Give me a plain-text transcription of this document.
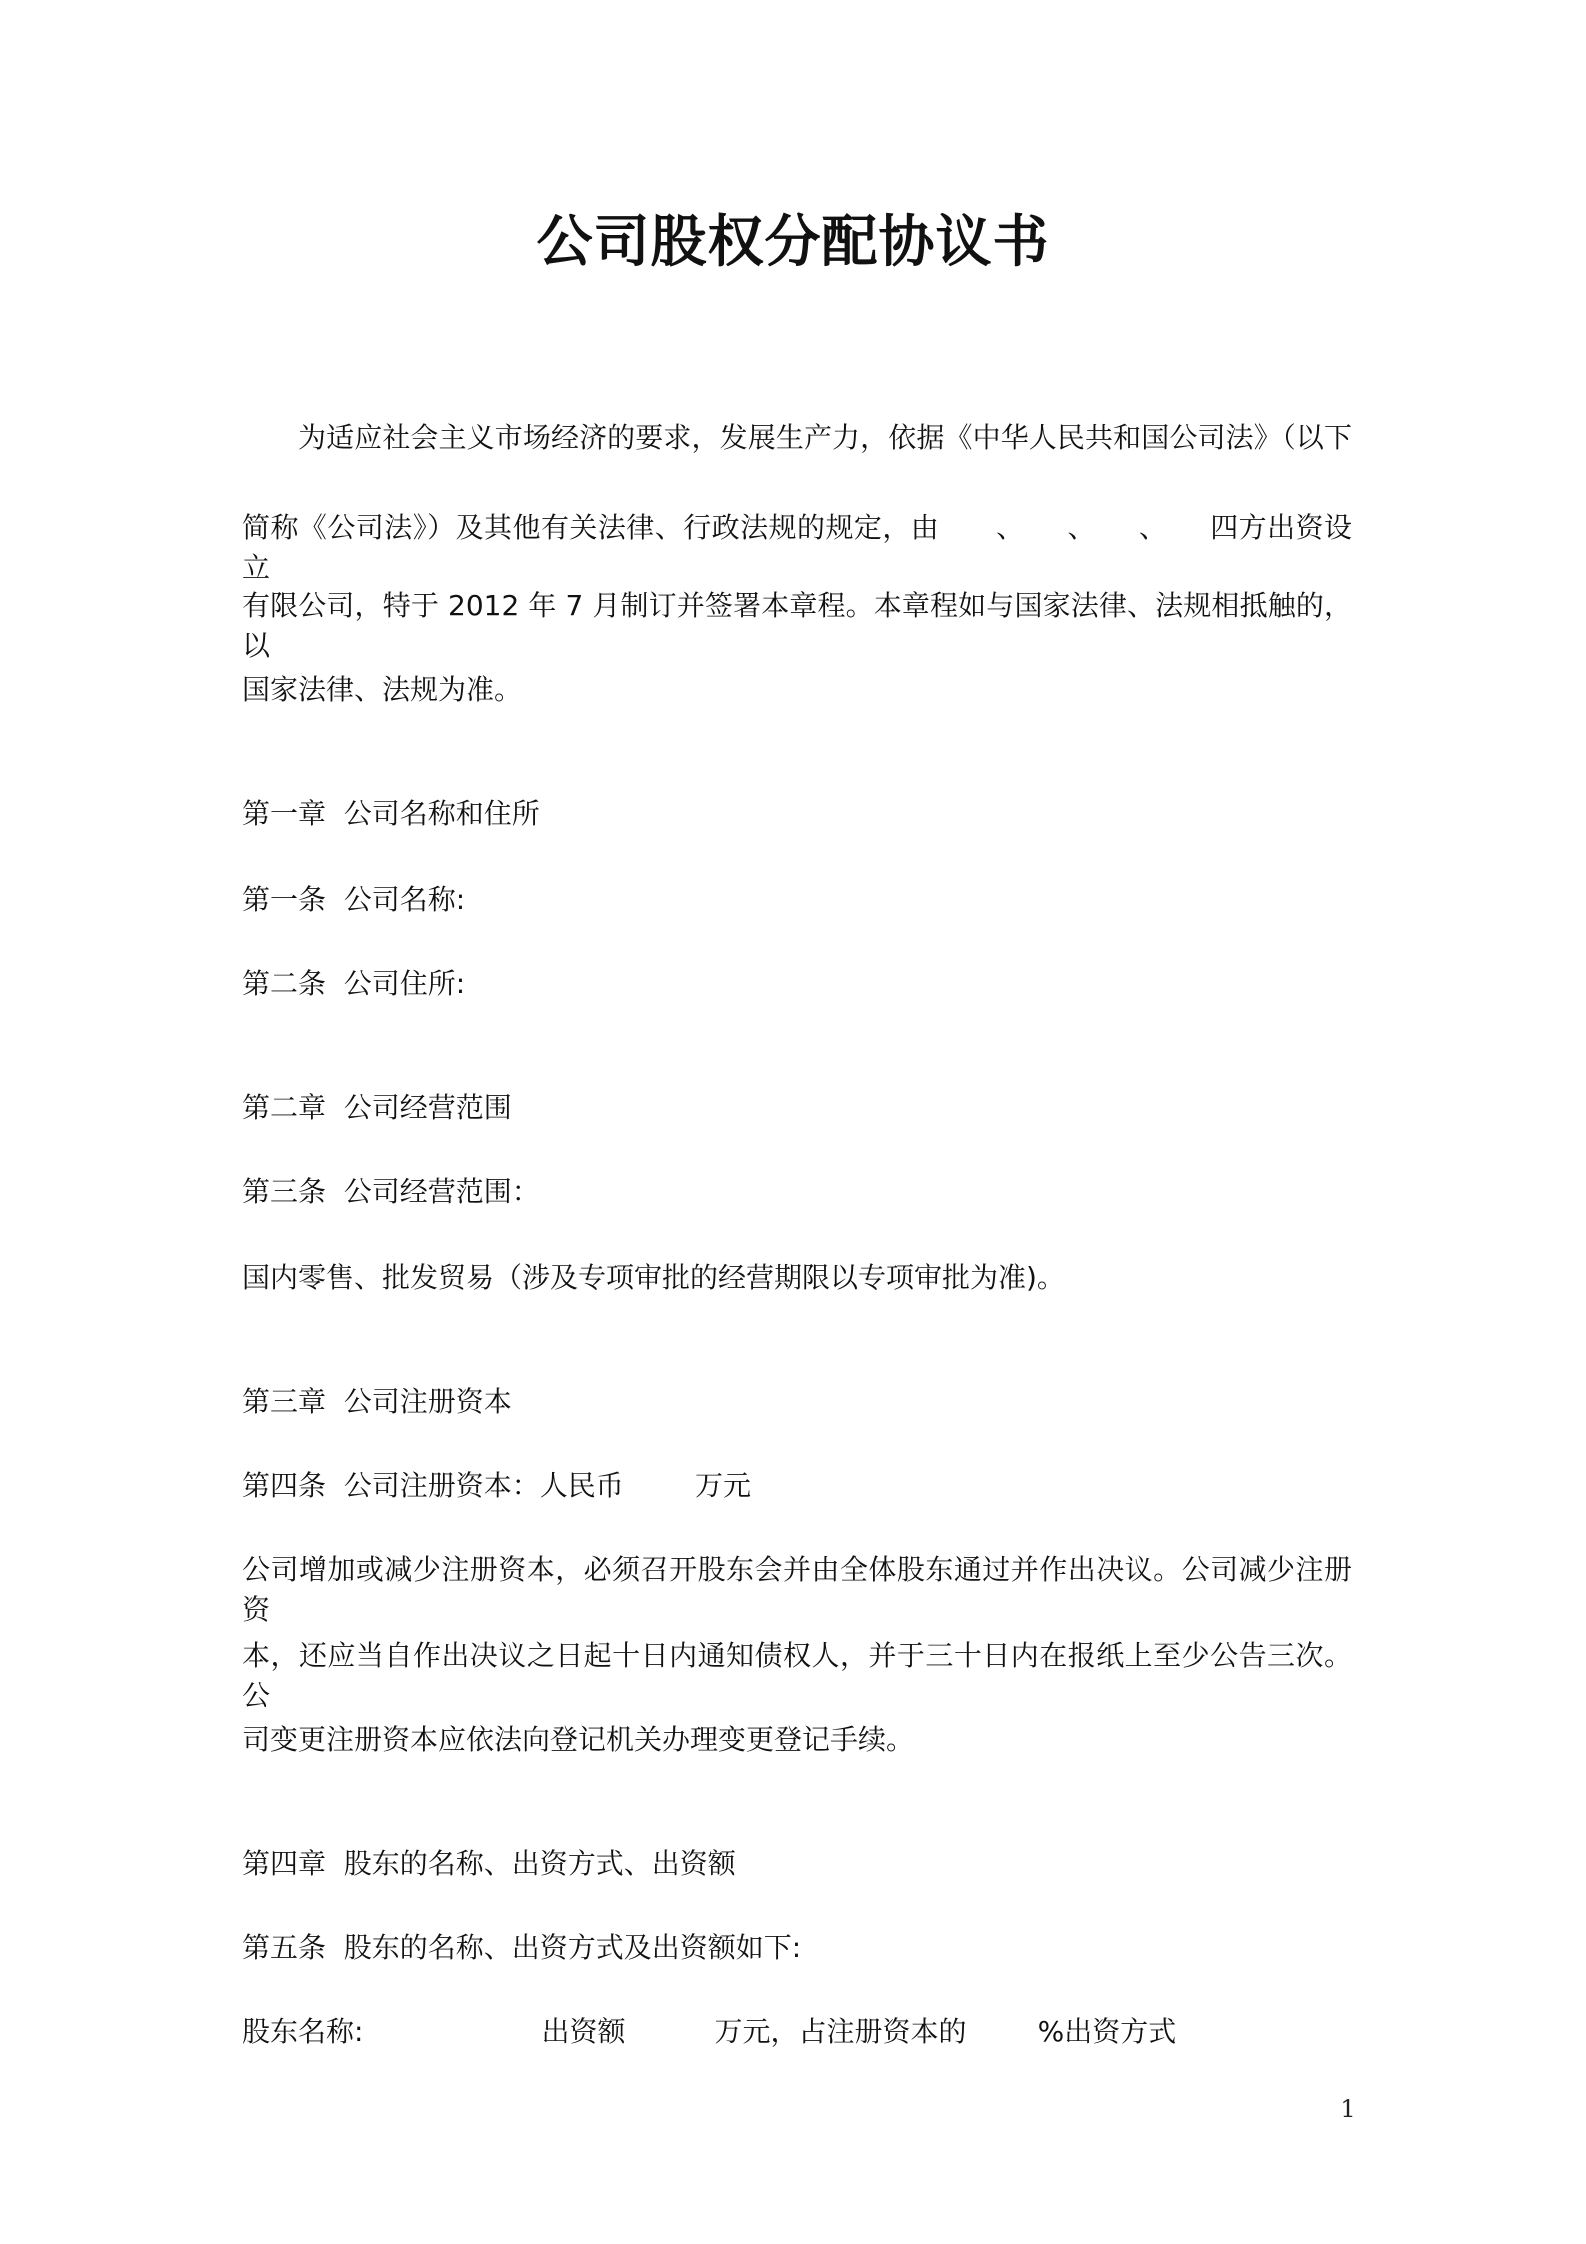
公司股权分配协议书

为适应社会主义市场经济的要求，发展生产力，依据《中华人民共和国公司法》（以下

简称《公司法》）及其他有关法律、行政法规的规定，由　　、　　、　　、　　四方出资设立

有限公司，特于 2012 年 7 月制订并签署本章程。本章程如与国家法律、法规相抵触的，以

国家法律、法规为准。

第一章  公司名称和住所

第一条  公司名称:

第二条  公司住所:

第二章  公司经营范围

第三条  公司经营范围：

国内零售、批发贸易（涉及专项审批的经营期限以专项审批为准)。

第三章  公司注册资本

第四条  公司注册资本：人民币        万元

公司增加或减少注册资本，必须召开股东会并由全体股东通过并作出决议。公司减少注册资

本，还应当自作出决议之日起十日内通知债权人，并于三十日内在报纸上至少公告三次。公

司变更注册资本应依法向登记机关办理变更登记手续。

第四章  股东的名称、出资方式、出资额

第五条  股东的名称、出资方式及出资额如下:

股东名称:                    出资额          万元，占注册资本的        %出资方式

1
